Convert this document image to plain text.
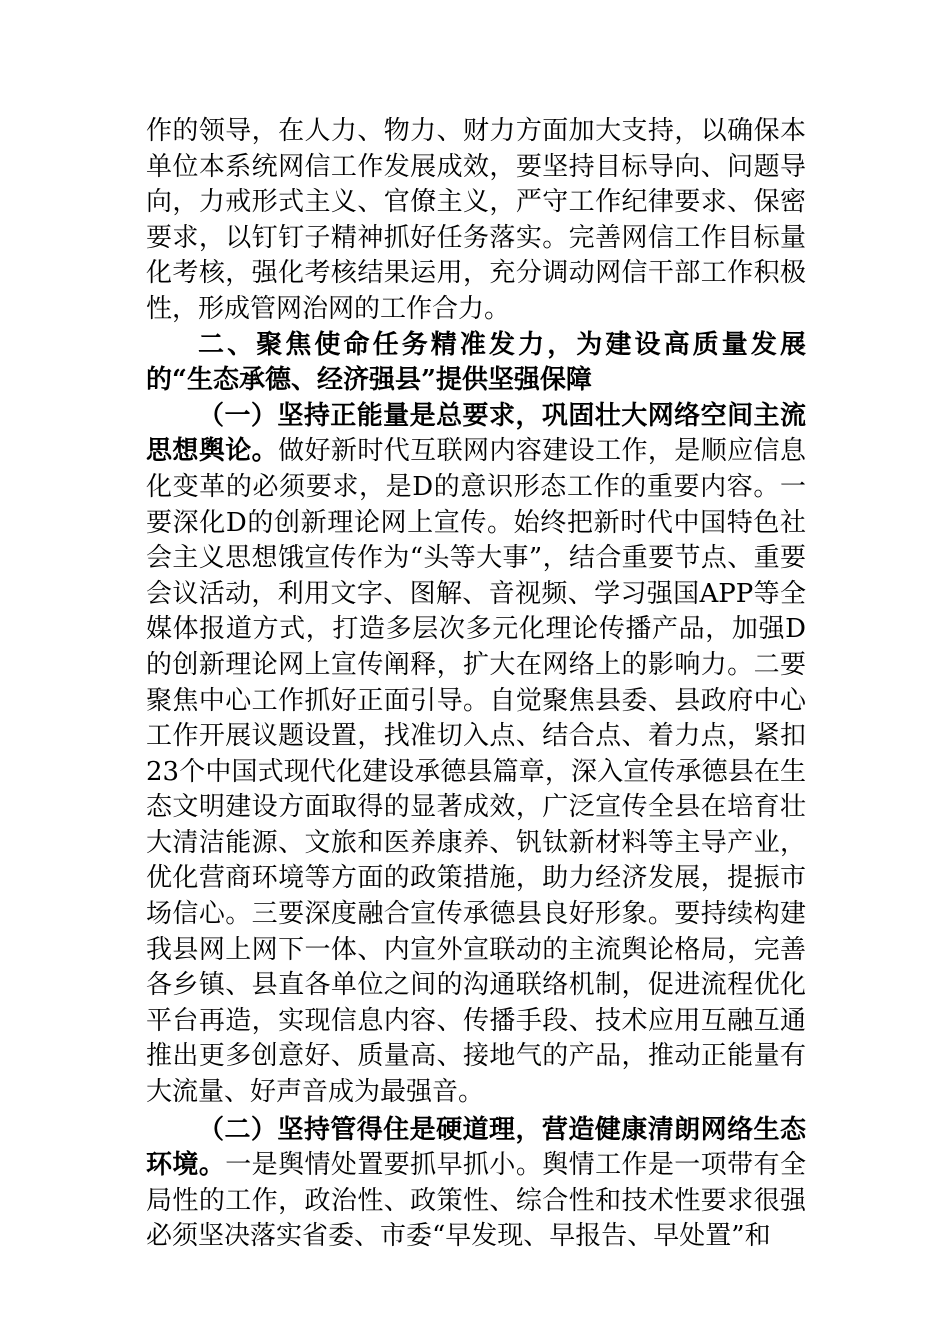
作的领导，在人力、物力、财力方面加大支持，以确保本单位本系统网信工作发展成效，要坚持目标导向、问题导向，力戒形式主义、官僚主义，严守工作纪律要求、保密要求，以钉钉子精神抓好任务落实。完善网信工作目标量化考核，强化考核结果运用，充分调动网信干部工作积极性，形成管网治网的工作合力。

二、聚焦使命任务精准发力，为建设高质量发展的“生态承德、经济强县”提供坚强保障

（一）坚持正能量是总要求，巩固壮大网络空间主流思想舆论。做好新时代互联网内容建设工作，是顺应信息化变革的必须要求，是D的意识形态工作的重要内容。一要深化D的创新理论网上宣传。始终把新时代中国特色社会主义思想饿宣传作为“头等大事”，结合重要节点、重要会议活动，利用文字、图解、音视频、学习强国APP等全媒体报道方式，打造多层次多元化理论传播产品，加强D的创新理论网上宣传阐释，扩大在网络上的影响力。二要聚焦中心工作抓好正面引导。自觉聚焦县委、县政府中心工作开展议题设置，找准切入点、结合点、着力点，紧扣23个中国式现代化建设承德县篇章，深入宣传承德县在生态文明建设方面取得的显著成效，广泛宣传全县在培育壮大清洁能源、文旅和医养康养、钒钛新材料等主导产业，优化营商环境等方面的政策措施，助力经济发展，提振市场信心。三要深度融合宣传承德县良好形象。要持续构建我县网上网下一体、内宣外宣联动的主流舆论格局，完善各乡镇、县直各单位之间的沟通联络机制，促进流程优化平台再造，实现信息内容、传播手段、技术应用互融互通推出更多创意好、质量高、接地气的产品，推动正能量有大流量、好声音成为最强音。

（二）坚持管得住是硬道理，营造健康清朗网络生态环境。一是舆情处置要抓早抓小。舆情工作是一项带有全局性的工作，政治性、政策性、综合性和技术性要求很强必须坚决落实省委、市委“早发现、早报告、早处置”和
